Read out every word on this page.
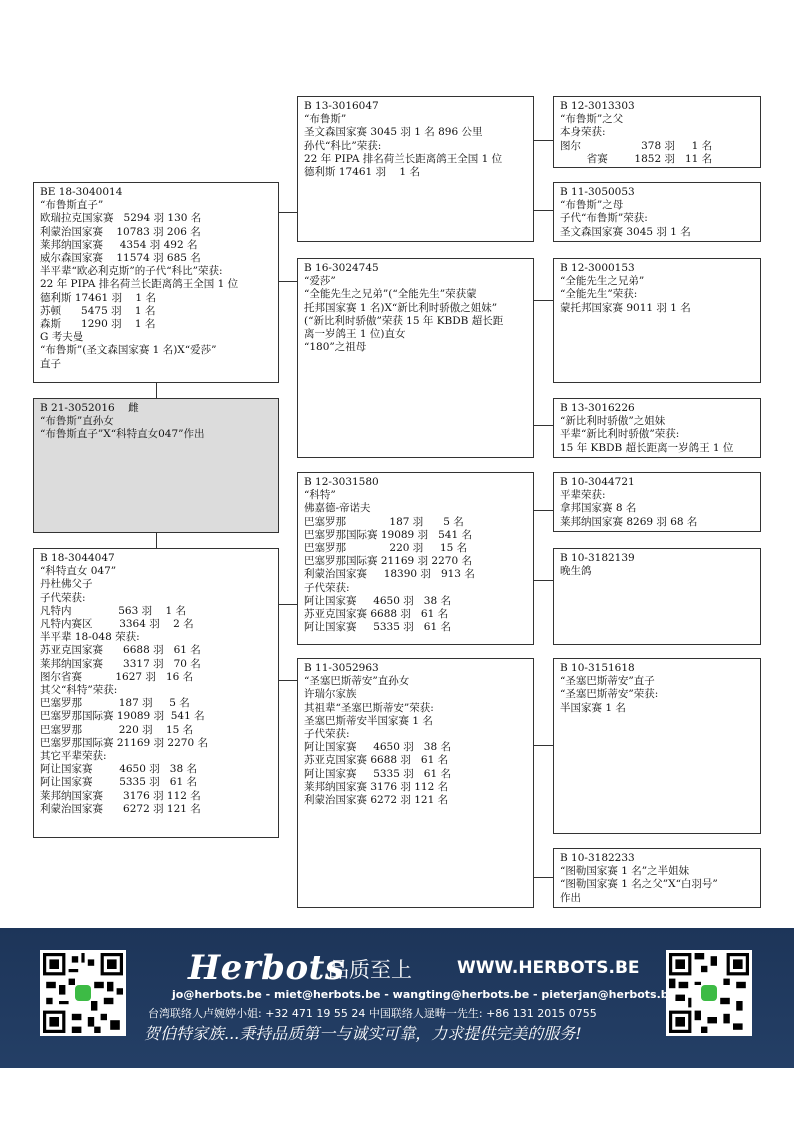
BE 18-3040014
“布鲁斯直子”
欧瑞拉克国家赛   5294 羽 130 名
利蒙治国家赛    10783 羽 206 名
莱邦纳国家赛     4354 羽 492 名
威尔森国家赛    11574 羽 685 名
半平辈“欧必利克斯”的子代“科比”荣获:
22 年 PIPA 排名荷兰长距离鸽王全国 1 位
德利斯 17461 羽    1 名
苏顿      5475 羽    1 名
森斯      1290 羽    1 名
G 考夫曼
“布鲁斯”(圣文森国家赛 1 名)X“爱莎”
直子
B 21-3052016    雌
“布鲁斯”直孙女
“布鲁斯直子”X“科特直女047”作出
B 18-3044047
“科特直女 047”
丹杜佛父子
子代荣获:
凡特内              563 羽    1 名
凡特内赛区        3364 羽    2 名
半平辈 18-048 荣获:
苏亚克国家赛      6688 羽   61 名
莱邦纳国家赛      3317 羽   70 名
图尔省赛          1627 羽   16 名
其父“科特”荣获:
巴塞罗那           187 羽     5 名
巴塞罗那国际赛 19089 羽  541 名
巴塞罗那           220 羽    15 名
巴塞罗那国际赛 21169 羽 2270 名
其它平辈荣获:
阿让国家赛        4650 羽   38 名
阿让国家赛        5335 羽   61 名
莱邦纳国家赛      3176 羽 112 名
利蒙治国家赛      6272 羽 121 名
B 13-3016047
“布鲁斯”
圣文森国家赛 3045 羽 1 名 896 公里
孙代“科比”荣获:
22 年 PIPA 排名荷兰长距离鸽王全国 1 位
德利斯 17461 羽    1 名
B 16-3024745
“爱莎”
“全能先生之兄弟”(“全能先生”荣获蒙
托邦国家赛 1 名)X“新比利时骄傲之姐妹”
(“新比利时骄傲”荣获 15 年 KBDB 超长距
离一岁鸽王 1 位)直女
“180”之祖母
B 12-3031580
“科特”
佛嘉德-帝诺夫
巴塞罗那             187 羽      5 名
巴塞罗那国际赛 19089 羽   541 名
巴塞罗那             220 羽     15 名
巴塞罗那国际赛 21169 羽 2270 名
利蒙治国家赛     18390 羽   913 名
子代荣获:
阿让国家赛     4650 羽   38 名
苏亚克国家赛 6688 羽   61 名
阿让国家赛     5335 羽   61 名
B 11-3052963
“圣塞巴斯蒂安”直孙女
许瑞尔家族
其祖辈“圣塞巴斯蒂安”荣获:
圣塞巴斯蒂安半国家赛 1 名
子代荣获:
阿让国家赛     4650 羽   38 名
苏亚克国家赛 6688 羽   61 名
阿让国家赛     5335 羽   61 名
莱邦纳国家赛 3176 羽 112 名
利蒙治国家赛 6272 羽 121 名
B 12-3013303
“布鲁斯”之父
本身荣获:
图尔                  378 羽     1 名
省赛        1852 羽   11 名
B 11-3050053
“布鲁斯”之母
子代“布鲁斯”荣获:
圣文森国家赛 3045 羽 1 名
B 12-3000153
“全能先生之兄弟”
“全能先生”荣获:
蒙托邦国家赛 9011 羽 1 名
B 13-3016226
“新比利时骄傲”之姐妹
平辈“新比利时骄傲”荣获:
15 年 KBDB 超长距离一岁鸽王 1 位
B 10-3044721
平辈荣获:
拿邦国家赛 8 名
莱邦纳国家赛 8269 羽 68 名
B 10-3182139
晚生鸽
B 10-3151618
“圣塞巴斯蒂安”直子
“圣塞巴斯蒂安”荣获:
半国家赛 1 名
B 10-3182233
“图勒国家赛 1 名”之半姐妹
“图勒国家赛 1 名之父”X“白羽号”
作出
Herbots
品质至上	WWW.HERBOTS.BE
jo@herbots.be - miet@herbots.be - wangting@herbots.be - pieterjan@herbots.be
台湾联络人卢婉婷小姐: +32 471 19 55 24 中国联络人逯畴一先生: +86 131 2015 0755
贺伯特家族...秉持品质第一与诚实可靠，力求提供完美的服务!
